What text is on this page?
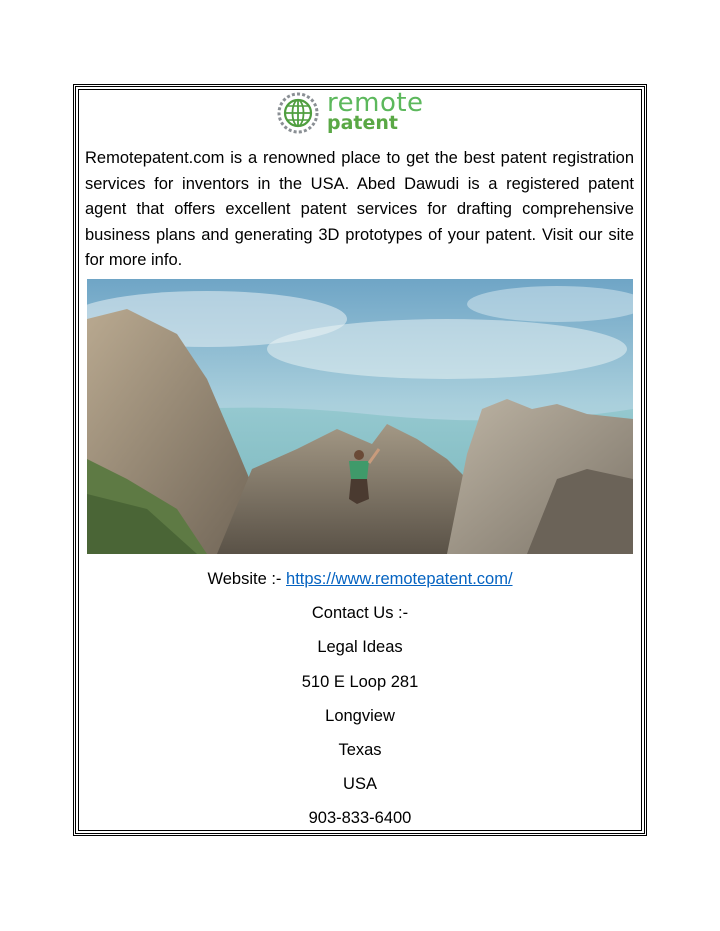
remote
patent

Remotepatent.com is a renowned place to get the best patent registration services for inventors in the USA. Abed Dawudi is a registered patent agent that offers excellent patent services for drafting comprehensive business plans and generating 3D prototypes of your patent. Visit our site for more info.

Website :- https://www.remotepatent.com/

Contact Us :-

Legal Ideas

510 E Loop 281

Longview

Texas

USA

903-833-6400
